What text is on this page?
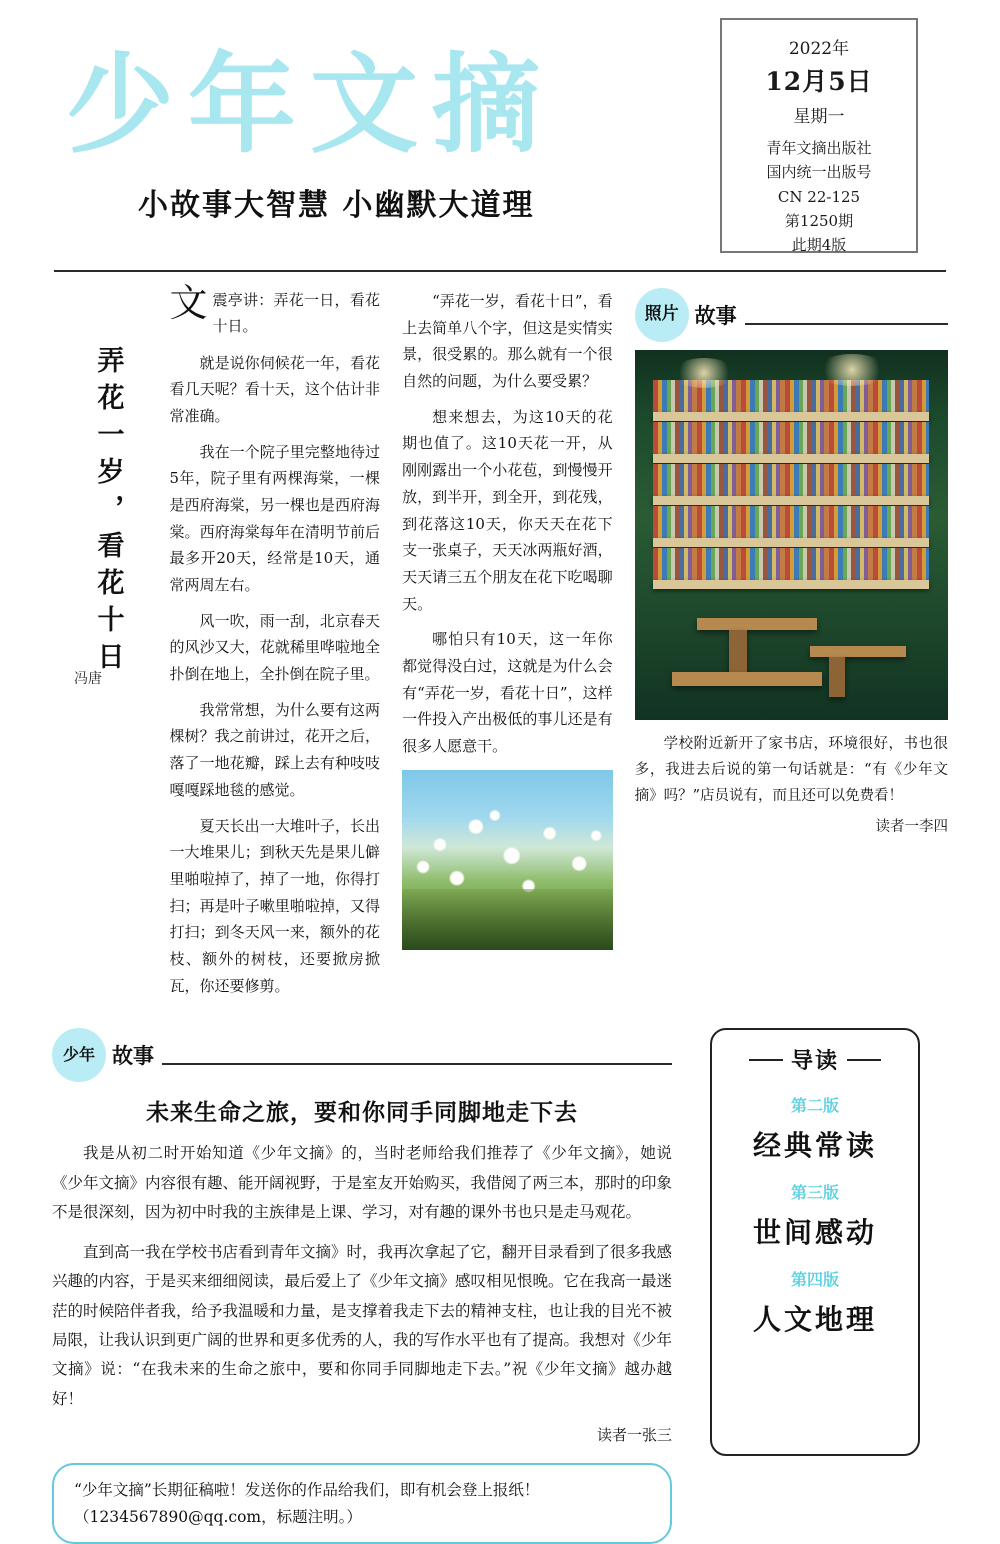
少年文摘
小故事大智慧 小幽默大道理
2022年
12月5日
星期一
青年文摘出版社
国内统一出版号
CN 22-125
第1250期
此期4版
弄花一岁，看花十日
冯唐

文震亭讲：弄花一日，看花十日。

就是说你伺候花一年，看花看几天呢？看十天，这个估计非常准确。

我在一个院子里完整地待过5年，院子里有两棵海棠，一棵是西府海棠，另一棵也是西府海棠。西府海棠每年在清明节前后最多开20天，经常是10天，通常两周左右。

风一吹，雨一刮，北京春天的风沙又大，花就稀里哗啦地全扑倒在地上，全扑倒在院子里。

我常常想，为什么要有这两棵树？我之前讲过，花开之后，落了一地花瓣，踩上去有种吱吱嘎嘎踩地毯的感觉。

夏天长出一大堆叶子，长出一大堆果儿；到秋天先是果儿僻里啪啦掉了，掉了一地，你得打扫；再是叶子嗽里啪啦掉，又得打扫；到冬天风一来，额外的花枝、额外的树枝，还要掀房掀瓦，你还要修剪。

“弄花一岁，看花十日”，看上去简单八个字，但这是实情实景，很受累的。那么就有一个很自然的问题，为什么要受累？

想来想去，为这10天的花期也值了。这10天花一开，从刚刚露出一个小花苞，到慢慢开放，到半开，到全开，到花残，到花落这10天，你天天在花下支一张桌子，天天冰两瓶好酒，天天请三五个朋友在花下吃喝聊天。

哪怕只有10天，这一年你都觉得没白过，这就是为什么会有“弄花一岁，看花十日”，这样一件投入产出极低的事儿还是有很多人愿意干。

照片 故事
学校附近新开了家书店，环境很好，书也很多，我进去后说的第一句话就是：“有《少年文摘》吗？”店员说有，而且还可以免费看！
读者一李四
少年 故事
未来生命之旅，要和你同手同脚地走下去

我是从初二时开始知道《少年文摘》的，当时老师给我们推荐了《少年文摘》，她说《少年文摘》内容很有趣、能开阔视野，于是室友开始购买，我借阅了两三本，那时的印象不是很深刻，因为初中时我的主族律是上课、学习，对有趣的课外书也只是走马观花。

直到高一我在学校书店看到青年文摘》时，我再次拿起了它，翻开目录看到了很多我感兴趣的内容，于是买来细细阅读，最后爱上了《少年文摘》感叹相见恨晚。它在我高一最迷茫的时候陪伴者我，给予我温暖和力量，是支撑着我走下去的精神支柱，也让我的目光不被局限，让我认识到更广阔的世界和更多优秀的人，我的写作水平也有了提高。我想对《少年文摘》说：“在我未来的生命之旅中，要和你同手同脚地走下去。”祝《少年文摘》越办越好！

读者一张三
“少年文摘”长期征稿啦！发送你的作品给我们，即有机会登上报纸！
（1234567890@qq.com，标题注明。）
导读
第二版
经典常读
第三版
世间感动
第四版
人文地理
